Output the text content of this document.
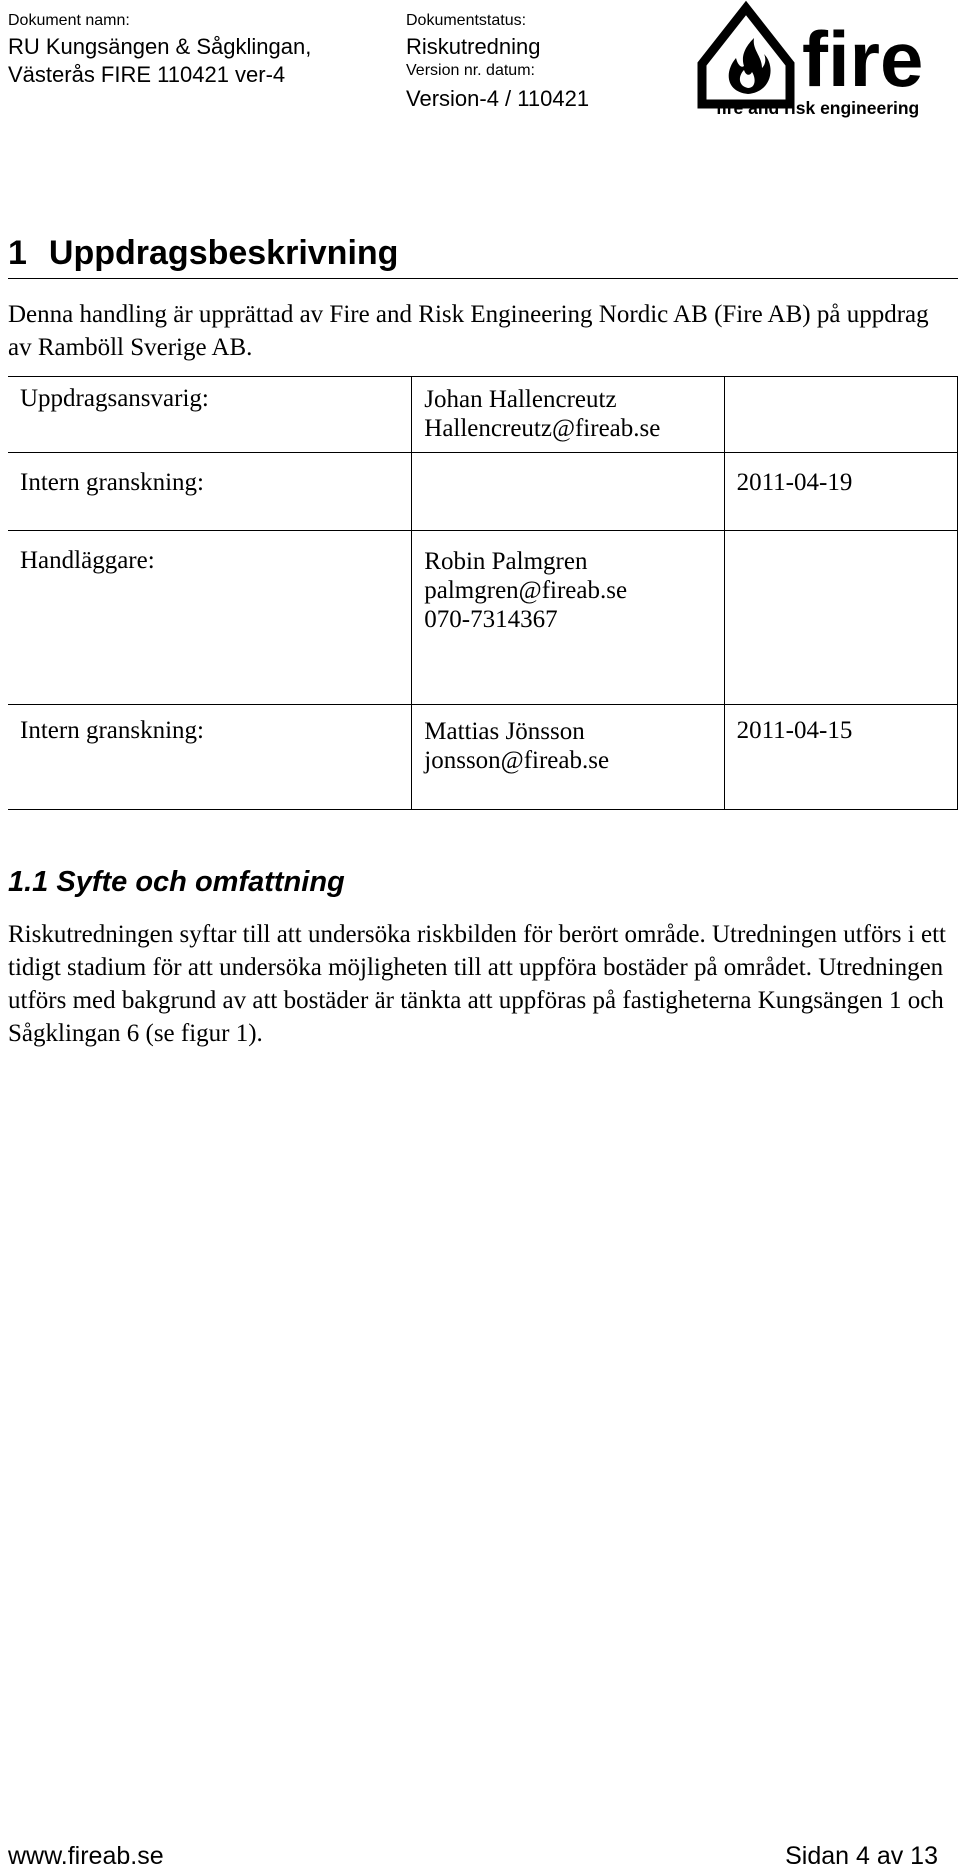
Dokument namn:
RU Kungsängen & Sågklingan,
Västerås FIRE 110421 ver-4
Dokumentstatus:
Riskutredning
Version nr. datum:
Version-4 / 110421	fire
fire and risk engineering
1 Uppdragsbeskrivning
Denna handling är upprättad av Fire and Risk Engineering Nordic AB (Fire AB) på uppdrag av Ramböll Sverige AB.
Uppdragsansvarig:	Johan Hallencreutz
Hallencreutz@fireab.se	

Intern granskning:		2011-04-19
Handläggare:	Robin Palmgren
palmgren@fireab.se
070-7314367	

Intern granskning:	Mattias Jönsson
jonsson@fireab.se	2011-04-15
1.1 Syfte och omfattning
Riskutredningen syftar till att undersöka riskbilden för berört område. Utredningen utförs i ett tidigt stadium för att undersöka möjligheten till att uppföra bostäder på området. Utredningen utförs med bakgrund av att bostäder är tänkta att uppföras på fastigheterna Kungsängen 1 och Sågklingan 6 (se figur 1).
www.fireab.se	Sidan 4 av 13
